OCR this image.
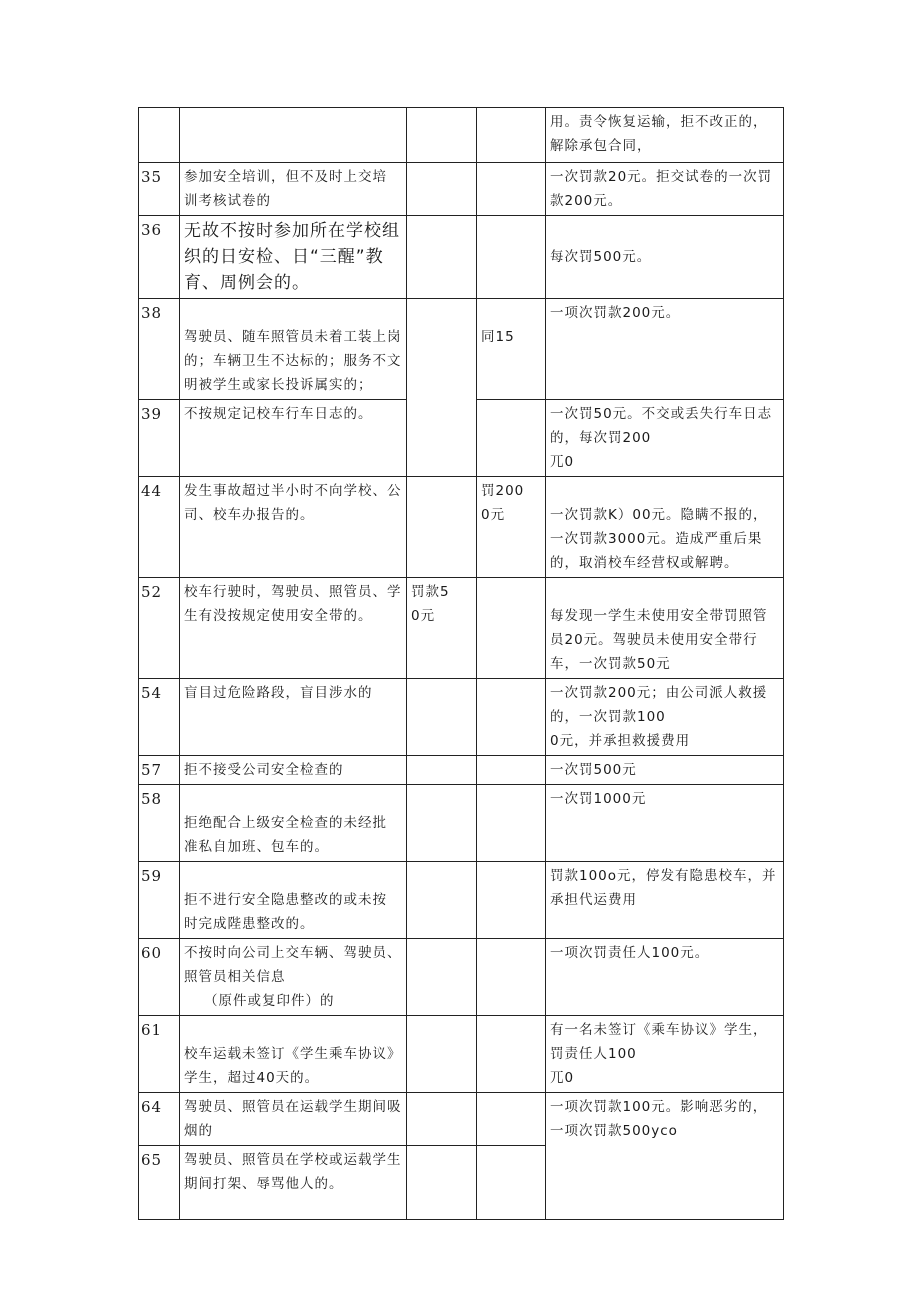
				用。责令恢复运输，拒不改正的，
解除承包合同，

35	参加安全培训，但不及时上交培
训考核试卷的			一次罚款20元。拒交试卷的一次罚
款200元。

36	无故不按时参加所在学校组
织的日安检、日“三醒”教
育、周例会的。			每次罚500元。

38	驾驶员、随车照管员未着工装上岗
的；车辆卫生不达标的；服务不文
明被学生或家长投诉属实的；		同15	一项次罚款200元。

39	不按规定记校车行车日志的。			一次罚50元。不交或丢失行车日志
的，每次罚200
兀0

44	发生事故超过半小时不向学校、公
司、校车办报告的。		罚200
0元	一次罚款K）00元。隐瞒不报的，
一次罚款3000元。造成严重后果
的，取消校车经营权或解聘。

52	校车行驶时，驾驶员、照管员、学
生有没按规定使用安全带的。	罚款5
0元		每发现一学生未使用安全带罚照管
员20元。驾驶员未使用安全带行
车，一次罚款50元

54	盲目过危险路段，盲目涉水的			一次罚款200元；由公司派人救援
的，一次罚款100
0元，并承担救援费用

57	拒不接受公司安全检查的			一次罚500元

58	拒绝配合上级安全检查的未经批
准私自加班、包车的。			一次罚1000元

59	拒不进行安全隐患整改的或未按
时完成陛患整改的。			罚款100o元，停发有隐患校车，并
承担代运费用

60	不按时向公司上交车辆、驾驶员、
照管员相关信息
（原件或复印件）的			一项次罚责任人100元。

61	校车运载未签订《学生乘车协议》
学生，超过40天的。			有一名未签订《乘车协议》学生，
罚责任人100
兀0

64	驾驶员、照管员在运载学生期间吸
烟的			一项次罚款100元。影响恶劣的，
一项次罚款500yco

65	驾驶员、照管员在学校或运载学生
期间打架、辱骂他人的。			
